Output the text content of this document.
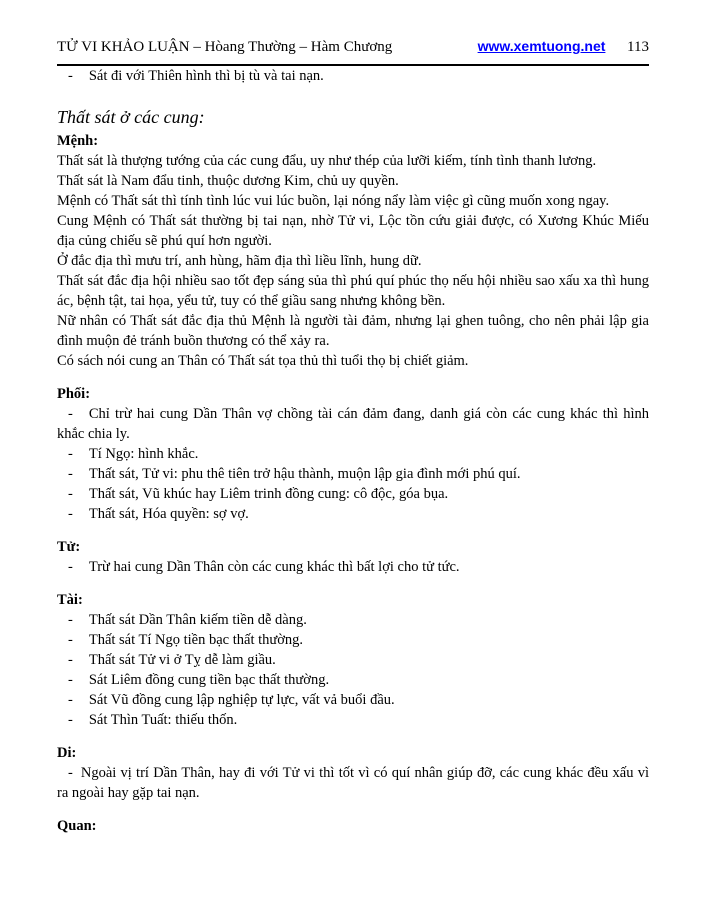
TỬ VI KHẢO LUẬN – Hòang Thường – Hàm Chương	www.xemtuong.net 113

- Sát đi với Thiên hình thì bị tù và tai nạn.

Thất sát ở các cung:
Mệnh:

Thất sát là thượng tướng của các cung đẩu, uy như thép của lưỡi kiếm, tính tình thanh lương.

Thất sát là Nam đẩu tinh, thuộc dương Kim, chủ uy quyền.

Mệnh có Thất sát thì tính tình lúc vui lúc buồn, lại nóng nẩy làm việc gì cũng muốn xong ngay.

Cung Mệnh có Thất sát thường bị tai nạn, nhờ Tử vi, Lộc tồn cứu giải được, có Xương Khúc Miếu địa củng chiếu sẽ phú quí hơn người.

Ở đắc địa thì mưu trí, anh hùng, hãm địa thì liều lĩnh, hung dữ.

Thất sát đắc địa hội nhiều sao tốt đẹp sáng sủa thì phú quí phúc thọ nếu hội nhiều sao xấu xa thì hung ác, bệnh tật, tai họa, yểu tử, tuy có thể giầu sang nhưng không bền.

Nữ nhân có Thất sát đắc địa thủ Mệnh là người tài đảm, nhưng lại ghen tuông, cho nên phải lập gia đình muộn đẻ tránh buồn thương có thể xảy ra.

Có sách nói cung an Thân có Thất sát tọa thủ thì tuổi thọ bị chiết giảm.

Phối:

- Chỉ trừ hai cung Dần Thân vợ chồng tài cán đảm đang, danh giá còn các cung khác thì hình khắc chia ly.

- Tí Ngọ: hình khắc.

- Thất sát, Tử vi: phu thê tiên trở hậu thành, muộn lập gia đình mới phú quí.

- Thất sát, Vũ khúc hay Liêm trinh đồng cung: cô độc, góa bụa.

- Thất sát, Hóa quyền: sợ vợ.

Tử:

- Trừ hai cung Dần Thân còn các cung khác thì bất lợi cho tử tức.

Tài:

- Thất sát Dần Thân kiếm tiền dễ dàng.

- Thất sát Tí Ngọ tiền bạc thất thường.

- Thất sát Tử vi ở Tỵ dễ làm giầu.

- Sát Liêm đồng cung tiền bạc thất thường.

- Sát Vũ đồng cung lập nghiệp tự lực, vất vả buổi đầu.

- Sát Thìn Tuất: thiếu thốn.

Di:

- Ngoài vị trí Dần Thân, hay đi với Tử vi thì tốt vì có quí nhân giúp đỡ, các cung khác đều xấu vì ra ngoài hay gặp tai nạn.

Quan:
